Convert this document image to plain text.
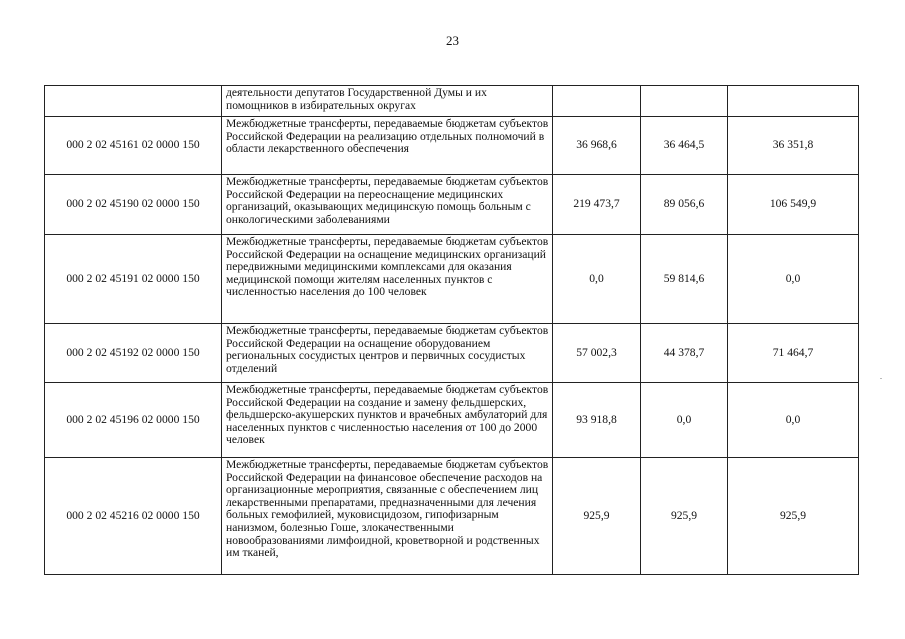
23
	деятельности депутатов Государственной Думы и их помощников в избирательных округах			
000 2 02 45161 02 0000 150	Межбюджетные трансферты, передаваемые бюджетам субъектов Российской Федерации на реализацию отдельных полномочий в области лекарственного обеспечения	36 968,6	36 464,5	36 351,8
000 2 02 45190 02 0000 150	Межбюджетные трансферты, передаваемые бюджетам субъектов Российской Федерации на переоснащение медицинских организаций, оказывающих медицинскую помощь больным с онкологическими заболеваниями	219 473,7	89 056,6	106 549,9
000 2 02 45191 02 0000 150	Межбюджетные трансферты, передаваемые бюджетам субъектов Российской Федерации на оснащение медицинских организаций передвижными медицинскими комплексами для оказания медицинской помощи жителям населенных пунктов с численностью населения до 100 человек	0,0	59 814,6	0,0
000 2 02 45192 02 0000 150	Межбюджетные трансферты, передаваемые бюджетам субъектов Российской Федерации на оснащение оборудованием региональных сосудистых центров и первичных сосудистых отделений	57 002,3	44 378,7	71 464,7
000 2 02 45196 02 0000 150	Межбюджетные трансферты, передаваемые бюджетам субъектов Российской Федерации на создание и замену фельдшерских, фельдшерско-акушерских пунктов и врачебных амбулаторий для населенных пунктов с численностью населения от 100 до 2000 человек	93 918,8	0,0	0,0
000 2 02 45216 02 0000 150	Межбюджетные трансферты, передаваемые бюджетам субъектов Российской Федерации на финансовое обеспечение расходов на организационные мероприятия, связанные с обеспечением лиц лекарственными препаратами, предназначенными для лечения больных гемофилией, муковисцидозом, гипофизарным нанизмом, болезнью Гоше, злокачественными новообразованиями лимфоидной, кроветворной и родственных им тканей,	925,9	925,9	925,9
